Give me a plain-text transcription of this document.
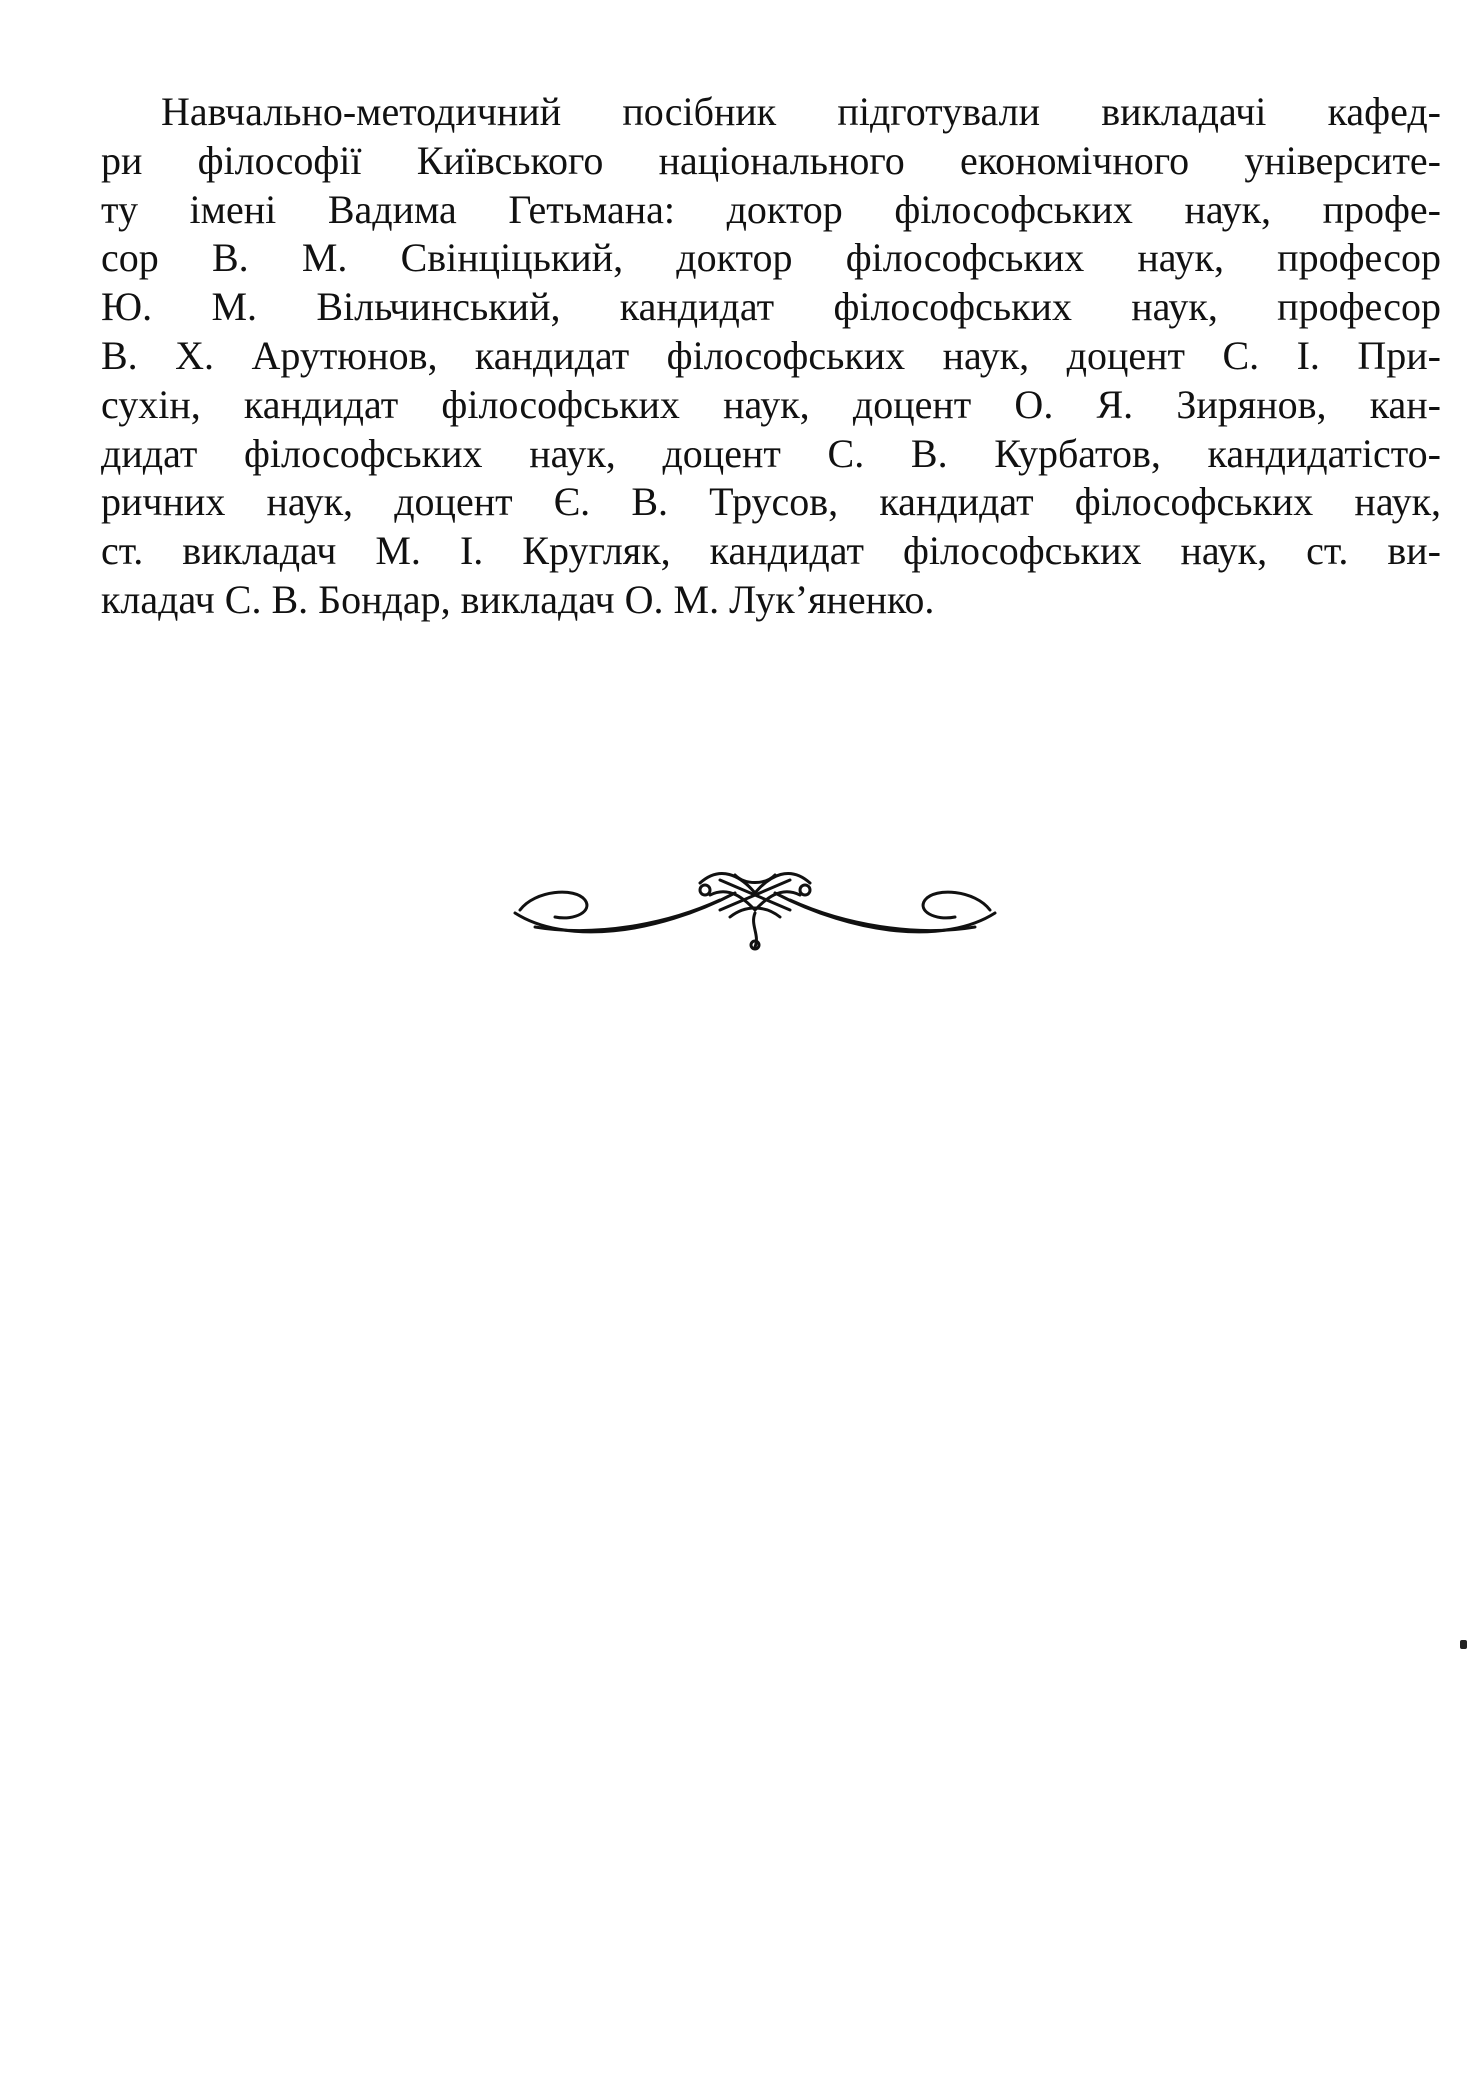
Навчально-методичний посібник підготували викладачі кафед-
ри філософії Київського національного економічного університе-
ту імені Вадима Гетьмана: доктор філософських наук, профе-
сор В. М. Свінціцький, доктор філософських наук, професор
Ю. М. Вільчинський, кандидат філософських наук, професор
В. Х. Арутюнов, кандидат філософських наук, доцент С. І. При-
сухін, кандидат філософських наук, доцент О. Я. Зирянов, кан-
дидат філософських наук, доцент С. В. Курбатов, кандидатісто-
ричних наук, доцент Є. В. Трусов, кандидат філософських наук,
ст. викладач М. І. Кругляк, кандидат філософських наук, ст. ви-
кладач С. В. Бондар, викладач О. М. Лук’яненко.
